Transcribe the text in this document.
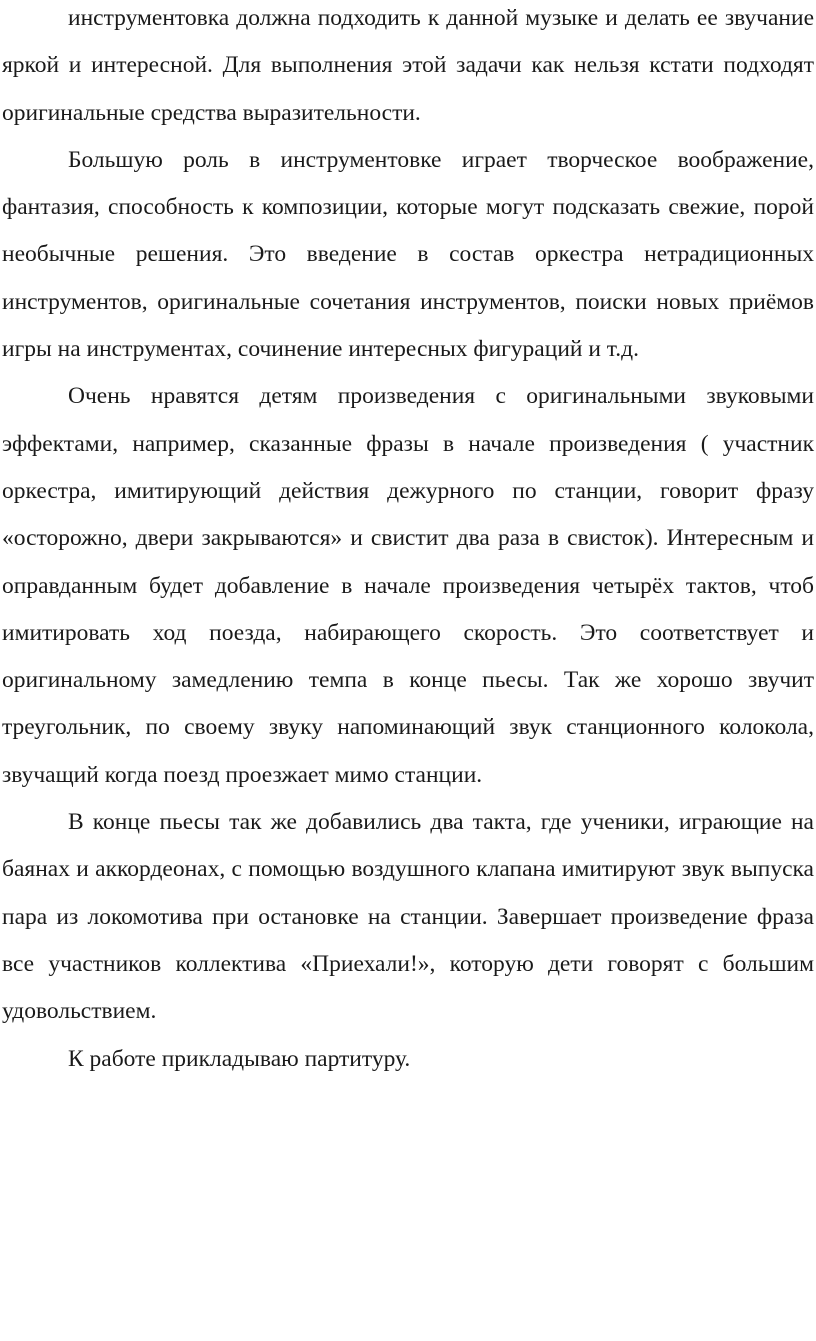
инструментовка должна подходить к данной музыке и делать ее звучание яркой и интересной. Для выполнения этой задачи как нельзя кстати подходят оригинальные средства выразительности.

Большую роль в инструментовке играет творческое воображение, фантазия, способность к композиции, которые могут подсказать свежие, порой необычные решения. Это введение в состав оркестра нетрадиционных инструментов, оригинальные сочетания инструментов, поиски новых приёмов игры на инструментах, сочинение интересных фигураций и т.д.

Очень нравятся детям произведения с оригинальными звуковыми эффектами, например, сказанные фразы в начале произведения ( участник оркестра, имитирующий действия дежурного по станции, говорит фразу «осторожно, двери закрываются» и свистит два раза в свисток). Интересным и оправданным будет добавление в начале произведения четырёх тактов, чтоб имитировать ход поезда, набирающего скорость. Это соответствует и оригинальному замедлению темпа в конце пьесы. Так же хорошо звучит треугольник, по своему звуку напоминающий звук станционного колокола, звучащий когда поезд проезжает мимо станции.

В конце пьесы так же добавились два такта, где ученики, играющие на баянах и аккордеонах, с помощью воздушного клапана имитируют звук выпуска пара из локомотива при остановке на станции. Завершает произведение фраза все участников коллектива «Приехали!», которую дети говорят с большим удовольствием.

К работе прикладываю партитуру.
